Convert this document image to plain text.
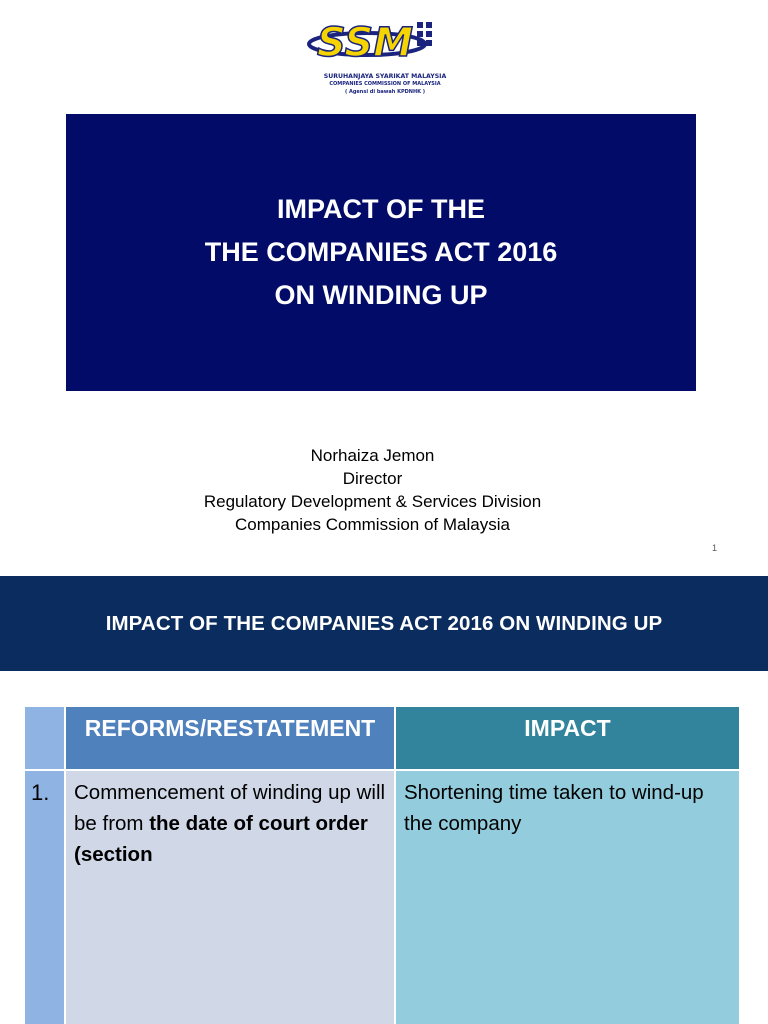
SSM
SURUHANJAYA SYARIKAT MALAYSIA
COMPANIES COMMISSION OF MALAYSIA
( Agensi di bawah KPDNHK )
IMPACT OF THE
THE COMPANIES ACT 2016
ON WINDING UP
Norhaiza Jemon
Director
Regulatory Development & Services Division
Companies Commission of Malaysia
1
IMPACT OF THE COMPANIES ACT 2016 ON WINDING UP
REFORMS/RESTATEMENT	IMPACT
1.	Commencement of winding up will be from the date of court order (section
Shortening time taken to wind-up the company
